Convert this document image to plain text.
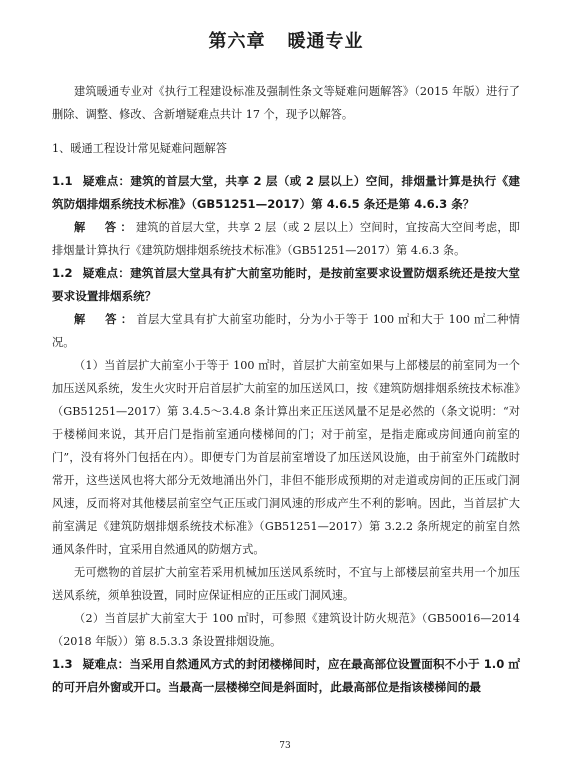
第六章 暖通专业

建筑暖通专业对《执行工程建设标准及强制性条文等疑难问题解答》（2015 年版）进行了删除、调整、修改、含新增疑难点共计 17 个，现予以解答。

1、暖通工程设计常见疑难问题解答

1.1 疑难点：建筑的首层大堂，共享 2 层（或 2 层以上）空间，排烟量计算是执行《建筑防烟排烟系统技术标准》（GB51251—2017）第 4.6.5 条还是第 4.6.3 条？

解　答：建筑的首层大堂，共享 2 层（或 2 层以上）空间时，宜按高大空间考虑，即排烟量计算执行《建筑防烟排烟系统技术标准》（GB51251—2017）第 4.6.3 条。

1.2 疑难点：建筑首层大堂具有扩大前室功能时，是按前室要求设置防烟系统还是按大堂要求设置排烟系统？

解　答：首层大堂具有扩大前室功能时，分为小于等于 100 ㎡和大于 100 ㎡二种情况。

（1）当首层扩大前室小于等于 100 ㎡时，首层扩大前室如果与上部楼层的前室同为一个加压送风系统，发生火灾时开启首层扩大前室的加压送风口，按《建筑防烟排烟系统技术标准》（GB51251—2017）第 3.4.5～3.4.8 条计算出来正压送风量不足是必然的（条文说明：“对于楼梯间来说，其开启门是指前室通向楼梯间的门；对于前室，是指走廊或房间通向前室的门”，没有将外门包括在内）。即便专门为首层前室增设了加压送风设施，由于前室外门疏散时常开，这些送风也将大部分无效地涌出外门，非但不能形成预期的对走道或房间的正压或门洞风速，反而将对其他楼层前室空气正压或门洞风速的形成产生不利的影响。因此，当首层扩大前室满足《建筑防烟排烟系统技术标准》（GB51251—2017）第 3.2.2 条所规定的前室自然通风条件时，宜采用自然通风的防烟方式。

无可燃物的首层扩大前室若采用机械加压送风系统时，不宜与上部楼层前室共用一个加压送风系统，须单独设置，同时应保证相应的正压或门洞风速。

（2）当首层扩大前室大于 100 ㎡时，可参照《建筑设计防火规范》（GB50016—2014（2018 年版））第 8.5.3.3 条设置排烟设施。

1.3 疑难点：当采用自然通风方式的封闭楼梯间时，应在最高部位设置面积不小于 1.0 ㎡的可开启外窗或开口。当最高一层楼梯空间是斜面时，此最高部位是指该楼梯间的最

73
